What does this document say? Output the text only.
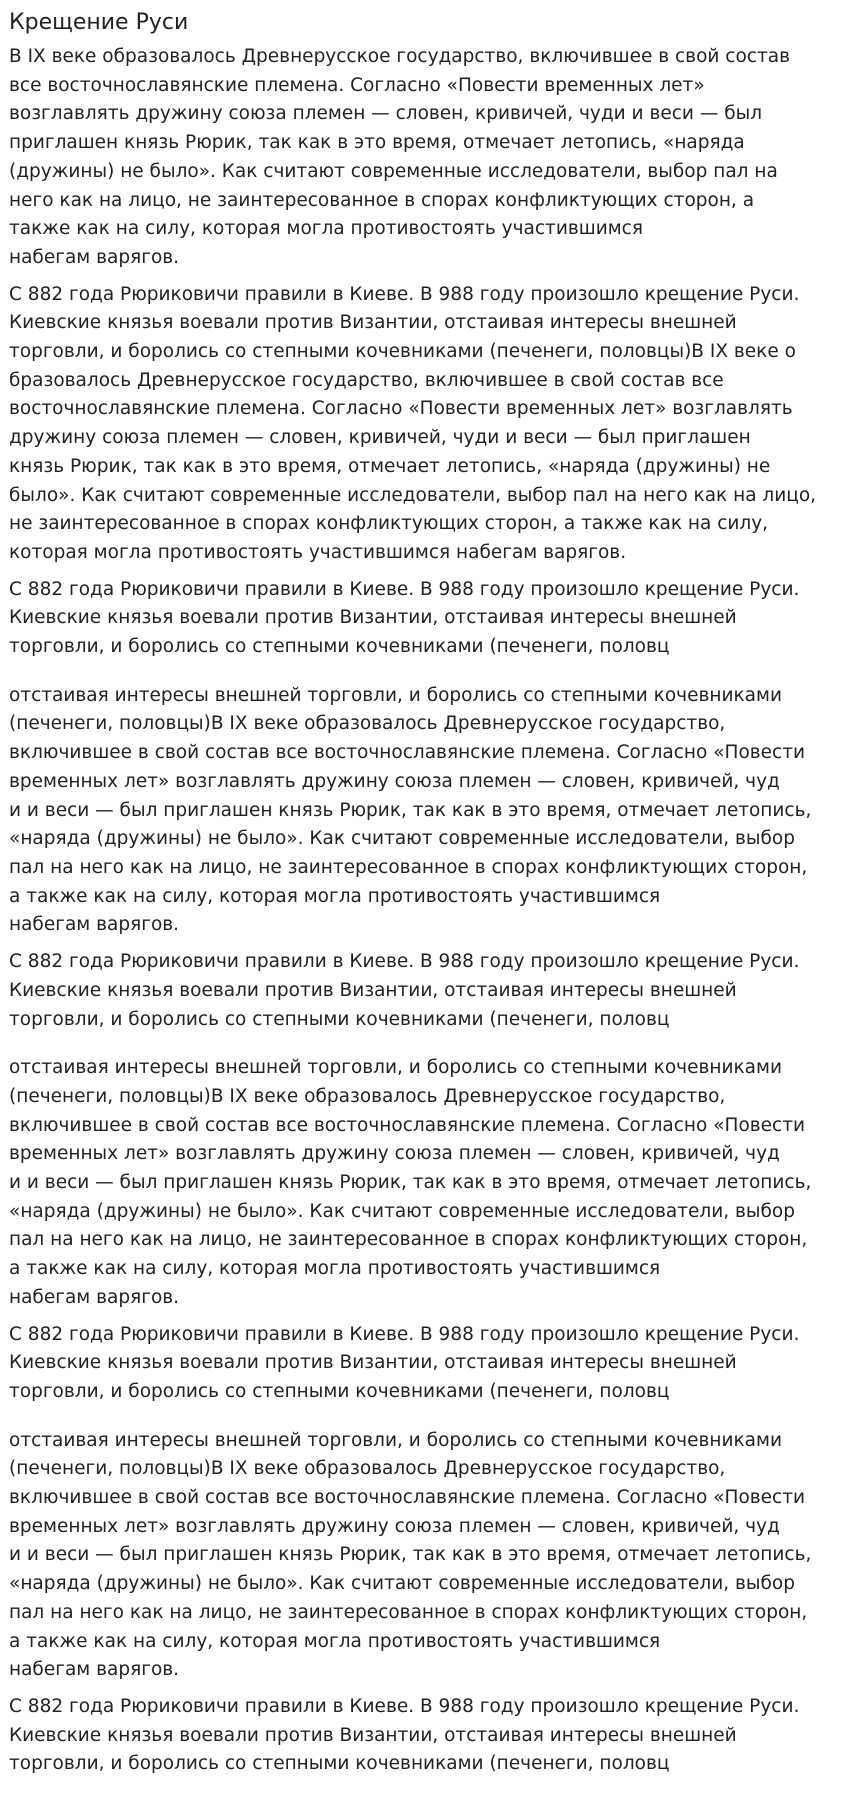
Крещение Руси

В IX веке образовалось Древнерусское государство, включившее в свой состав
все восточнославянские племена. Согласно «Повести временных лет»
возглавлять дружину союза племен — словен, кривичей, чуди и веси — был
приглашен князь Рюрик, так как в это время, отмечает летопись, «наряда
(дружины) не было». Как считают современные исследователи, выбор пал на
него как на лицо, не заинтересованное в спорах конфликтующих сторон, а
также как на силу, которая могла противостоять участившимся
набегам варягов.

С 882 года Рюриковичи правили в Киеве. В 988 году произошло крещение Руси.
Киевские князья воевали против Византии, отстаивая интересы внешней
торговли, и боролись со степными кочевниками (печенеги, половцы)В IX веке о
бразовалось Древнерусское государство, включившее в свой состав все
восточнославянские племена. Согласно «Повести временных лет» возглавлять
дружину союза племен — словен, кривичей, чуди и веси — был приглашен
князь Рюрик, так как в это время, отмечает летопись, «наряда (дружины) не
было». Как считают современные исследователи, выбор пал на него как на лицо,
не заинтересованное в спорах конфликтующих сторон, а также как на силу,
которая могла противостоять участившимся набегам варягов.

С 882 года Рюриковичи правили в Киеве. В 988 году произошло крещение Руси.
Киевские князья воевали против Византии, отстаивая интересы внешней
торговли, и боролись со степными кочевниками (печенеги, половц

отстаивая интересы внешней торговли, и боролись со степными кочевниками
(печенеги, половцы)В IX веке образовалось Древнерусское государство,
включившее в свой состав все восточнославянские племена. Согласно «Повести
временных лет» возглавлять дружину союза племен — словен, кривичей, чуд
и и веси — был приглашен князь Рюрик, так как в это время, отмечает летопись,
«наряда (дружины) не было». Как считают современные исследователи, выбор
пал на него как на лицо, не заинтересованное в спорах конфликтующих сторон,
а также как на силу, которая могла противостоять участившимся
набегам варягов.

С 882 года Рюриковичи правили в Киеве. В 988 году произошло крещение Руси.
Киевские князья воевали против Византии, отстаивая интересы внешней
торговли, и боролись со степными кочевниками (печенеги, половц

отстаивая интересы внешней торговли, и боролись со степными кочевниками
(печенеги, половцы)В IX веке образовалось Древнерусское государство,
включившее в свой состав все восточнославянские племена. Согласно «Повести
временных лет» возглавлять дружину союза племен — словен, кривичей, чуд
и и веси — был приглашен князь Рюрик, так как в это время, отмечает летопись,
«наряда (дружины) не было». Как считают современные исследователи, выбор
пал на него как на лицо, не заинтересованное в спорах конфликтующих сторон,
а также как на силу, которая могла противостоять участившимся
набегам варягов.

С 882 года Рюриковичи правили в Киеве. В 988 году произошло крещение Руси.
Киевские князья воевали против Византии, отстаивая интересы внешней
торговли, и боролись со степными кочевниками (печенеги, половц

отстаивая интересы внешней торговли, и боролись со степными кочевниками
(печенеги, половцы)В IX веке образовалось Древнерусское государство,
включившее в свой состав все восточнославянские племена. Согласно «Повести
временных лет» возглавлять дружину союза племен — словен, кривичей, чуд
и и веси — был приглашен князь Рюрик, так как в это время, отмечает летопись,
«наряда (дружины) не было». Как считают современные исследователи, выбор
пал на него как на лицо, не заинтересованное в спорах конфликтующих сторон,
а также как на силу, которая могла противостоять участившимся
набегам варягов.

С 882 года Рюриковичи правили в Киеве. В 988 году произошло крещение Руси.
Киевские князья воевали против Византии, отстаивая интересы внешней
торговли, и боролись со степными кочевниками (печенеги, половц
